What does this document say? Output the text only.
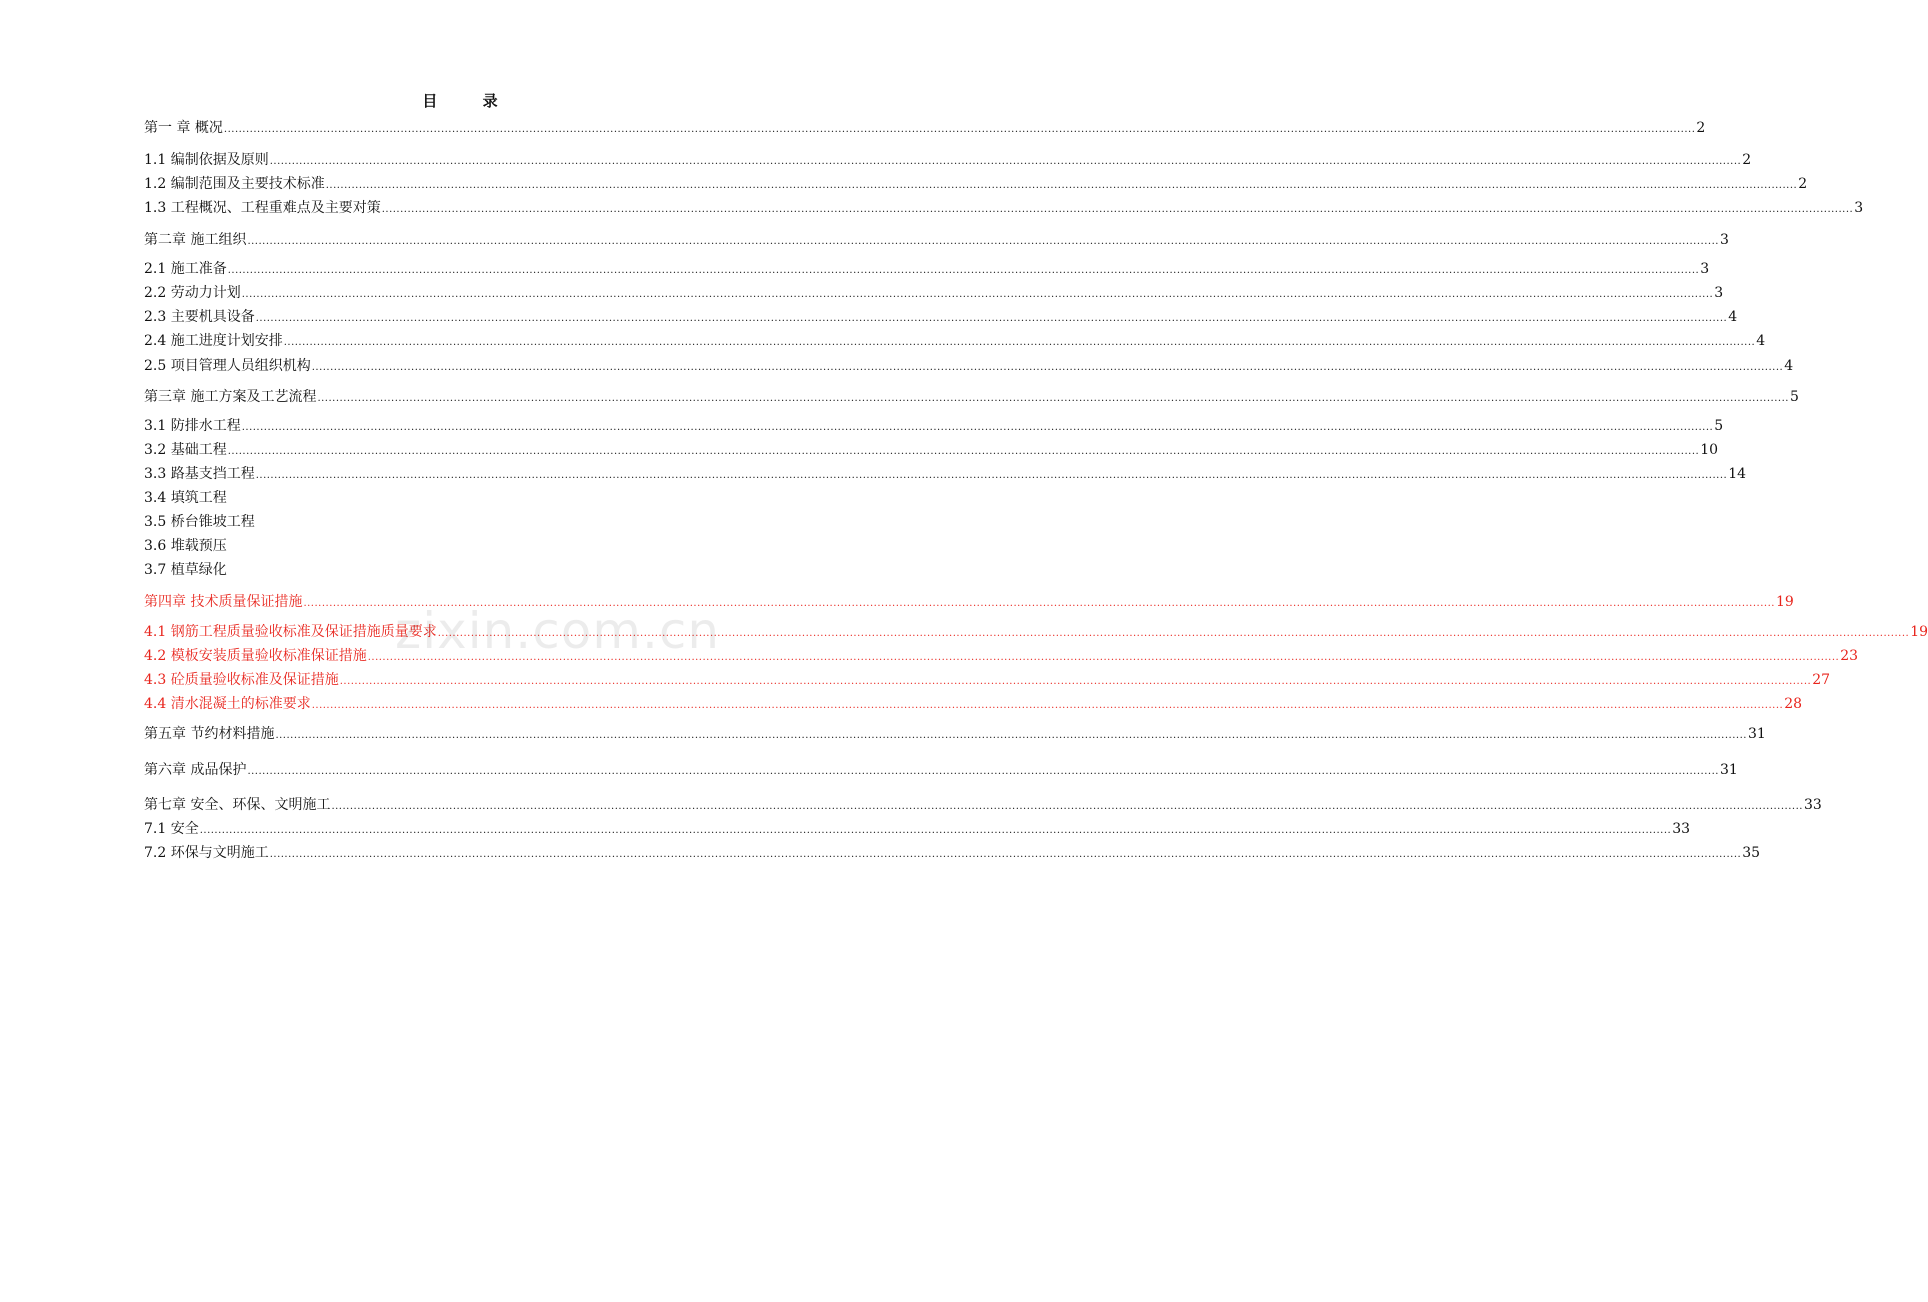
目 录
第一 章 概况 ................................................................................................................................................................................................................................................................................................................................................................................................................ 2
1.1 编制依据及原则 ................................................................................................................................................................................................................................................................................................................................................................................................................ 2
1.2 编制范围及主要技术标准 ................................................................................................................................................................................................................................................................................................................................................................................................................ 2
1.3 工程概况、工程重难点及主要对策 ................................................................................................................................................................................................................................................................................................................................................................................................................ 3
第二章 施工组织 ................................................................................................................................................................................................................................................................................................................................................................................................................ 3
2.1 施工准备 ................................................................................................................................................................................................................................................................................................................................................................................................................ 3
2.2 劳动力计划 ................................................................................................................................................................................................................................................................................................................................................................................................................ 3
2.3 主要机具设备 ................................................................................................................................................................................................................................................................................................................................................................................................................ 4
2.4 施工进度计划安排 ................................................................................................................................................................................................................................................................................................................................................................................................................ 4
2.5 项目管理人员组织机构 ................................................................................................................................................................................................................................................................................................................................................................................................................ 4
第三章 施工方案及工艺流程 ................................................................................................................................................................................................................................................................................................................................................................................................................ 5
3.1 防排水工程 ................................................................................................................................................................................................................................................................................................................................................................................................................ 5
3.2 基础工程 ................................................................................................................................................................................................................................................................................................................................................................................................................ 10
3.3 路基支挡工程 ................................................................................................................................................................................................................................................................................................................................................................................................................ 14
3.4 填筑工程
3.5 桥台锥坡工程
3.6 堆载预压
3.7 植草绿化
第四章 技术质量保证措施 ................................................................................................................................................................................................................................................................................................................................................................................................................ 19
4.1 钢筋工程质量验收标准及保证措施质量要求 ................................................................................................................................................................................................................................................................................................................................................................................................................ 19
4.2 模板安装质量验收标准保证措施 ................................................................................................................................................................................................................................................................................................................................................................................................................ 23
4.3 砼质量验收标准及保证措施 ................................................................................................................................................................................................................................................................................................................................................................................................................ 27
4.4 清水混凝土的标准要求 ................................................................................................................................................................................................................................................................................................................................................................................................................ 28
第五章 节约材料措施 ................................................................................................................................................................................................................................................................................................................................................................................................................ 31
第六章 成品保护 ................................................................................................................................................................................................................................................................................................................................................................................................................ 31
第七章 安全、环保、文明施工 ................................................................................................................................................................................................................................................................................................................................................................................................................ 33
7.1 安全 ................................................................................................................................................................................................................................................................................................................................................................................................................ 33
7.2 环保与文明施工 ................................................................................................................................................................................................................................................................................................................................................................................................................ 35
zixin.com.cn
